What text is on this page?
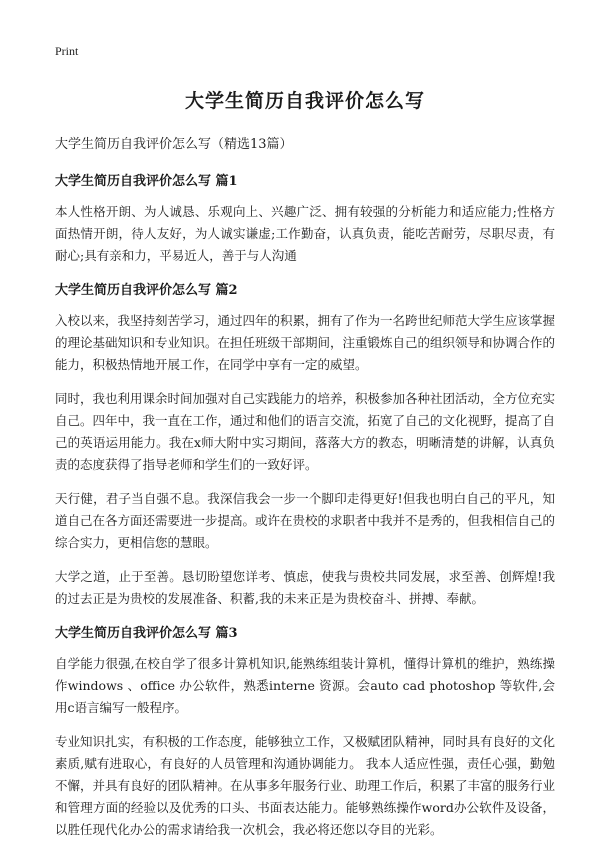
Print
大学生简历自我评价怎么写

大学生简历自我评价怎么写（精选13篇）

大学生简历自我评价怎么写 篇1

本人性格开朗、为人诚恳、乐观向上、兴趣广泛、拥有较强的分析能力和适应能力;性格方面热情开朗，待人友好，为人诚实谦虚;工作勤奋，认真负责，能吃苦耐劳，尽职尽责，有耐心;具有亲和力，平易近人，善于与人沟通

大学生简历自我评价怎么写 篇2

入校以来，我坚持刻苦学习，通过四年的积累，拥有了作为一名跨世纪师范大学生应该掌握的理论基础知识和专业知识。在担任班级干部期间，注重锻炼自己的组织领导和协调合作的能力，积极热情地开展工作，在同学中享有一定的威望。

同时，我也利用课余时间加强对自己实践能力的培养，积极参加各种社团活动，全方位充实自己。四年中，我一直在工作，通过和他们的语言交流，拓宽了自己的文化视野，提高了自己的英语运用能力。我在x师大附中实习期间，落落大方的教态，明晰清楚的讲解，认真负责的态度获得了指导老师和学生们的一致好评。

天行健，君子当自强不息。我深信我会一步一个脚印走得更好!但我也明白自己的平凡，知道自己在各方面还需要进一步提高。或许在贵校的求职者中我并不是秀的，但我相信自己的综合实力，更相信您的慧眼。

大学之道，止于至善。恳切盼望您详考、慎虑，使我与贵校共同发展，求至善、创辉煌!我的过去正是为贵校的发展准备、积蓄,我的未来正是为贵校奋斗、拼搏、奉献。

大学生简历自我评价怎么写 篇3

自学能力很强,在校自学了很多计算机知识,能熟练组装计算机，懂得计算机的维护，熟练操作windows 、office 办公软件，熟悉interne 资源。会auto cad photoshop 等软件,会用c语言编写一般程序。

专业知识扎实，有积极的工作态度，能够独立工作，又极赋团队精神，同时具有良好的文化素质,赋有进取心，有良好的人员管理和沟通协调能力。 我本人适应性强，责任心强，勤勉不懈，并具有良好的团队精神。在从事多年服务行业、助理工作后，积累了丰富的服务行业和管理方面的经验以及优秀的口头、书面表达能力。能够熟练操作word办公软件及设备，以胜任现代化办公的需求请给我一次机会，我必将还您以夺目的光彩。
